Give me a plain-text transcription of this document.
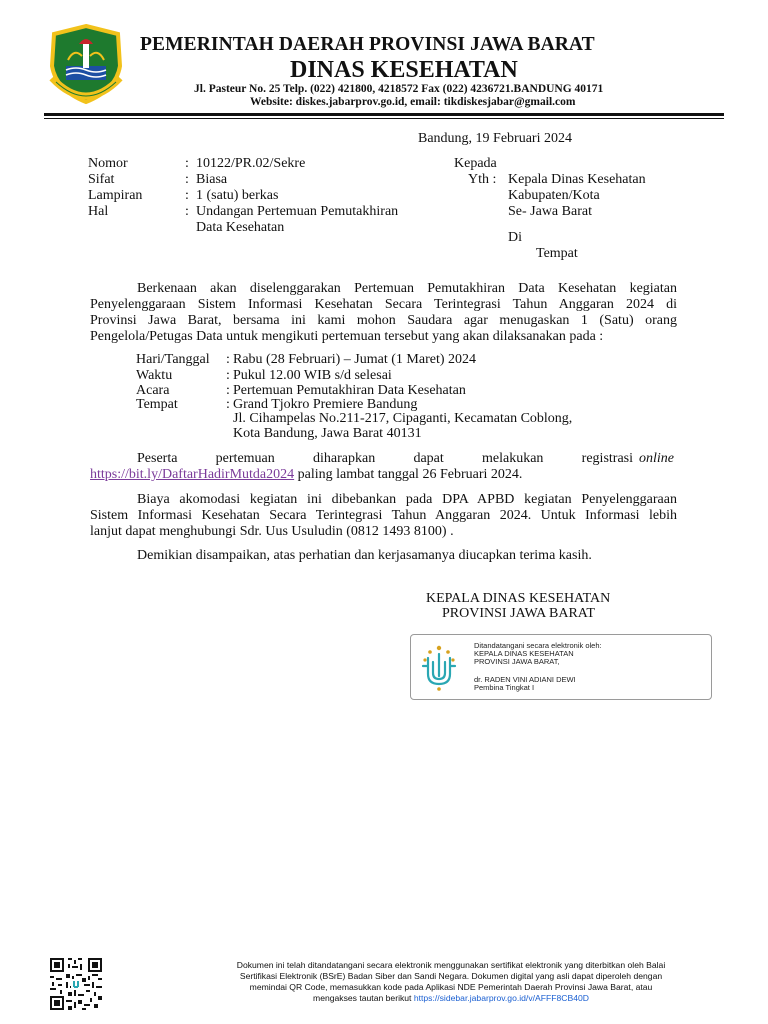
PEMERINTAH DAERAH PROVINSI JAWA BARAT
DINAS KESEHATAN
Jl. Pasteur No. 25 Telp. (022) 421800, 4218572 Fax (022) 4236721.BANDUNG 40171
Website: diskes.jabarprov.go.id, email: tikdiskesjabar@gmail.com
Bandung, 19 Februari 2024
Nomor	: 10122/PR.02/Sekre
Sifat	: Biasa
Lampiran	: 1 (satu) berkas
Hal	: Undangan Pertemuan Pemutakhiran
Data Kesehatan
Kepada
Yth : Kepala Dinas Kesehatan
Kabupaten/Kota
Se- Jawa Barat
Di
Tempat
Berkenaan akan diselenggarakan Pertemuan Pemutakhiran Data Kesehatan kegiatan
Penyelenggaraan Sistem Informasi Kesehatan Secara Terintegrasi Tahun Anggaran 2024 di
Provinsi Jawa Barat, bersama ini kami mohon Saudara agar menugaskan 1 (Satu) orang
Pengelola/Petugas Data untuk mengikuti pertemuan tersebut yang akan dilaksanakan pada :
Hari/Tanggal : Rabu (28 Februari) – Jumat (1 Maret) 2024
Waktu	: Pukul 12.00 WIB s/d selesai
Acara	: Pertemuan Pemutakhiran Data Kesehatan
Tempat	: Grand Tjokro Premiere Bandung
Jl. Cihampelas No.211-217, Cipaganti, Kecamatan Coblong,
Kota Bandung, Jawa Barat 40131
Peserta pertemuan diharapkan dapat melakukan registrasi online
https://bit.ly/DaftarHadirMutda2024 paling lambat tanggal 26 Februari 2024.
Biaya akomodasi kegiatan ini dibebankan pada DPA APBD kegiatan Penyelenggaraan
Sistem Informasi Kesehatan Secara Terintegrasi Tahun Anggaran 2024. Untuk Informasi lebih
lanjut dapat menghubungi Sdr. Uus Usuludin (0812 1493 8100) .
Demikian disampaikan, atas perhatian dan kerjasamanya diucapkan terima kasih.
KEPALA DINAS KESEHATAN
PROVINSI JAWA BARAT
Ditandatangani secara elektronik oleh:
KEPALA DINAS KESEHATAN
PROVINSI JAWA BARAT,
dr. RADEN VINI ADIANI DEWI
Pembina Tingkat I
Dokumen ini telah ditandatangani secara elektronik menggunakan sertifikat elektronik yang diterbitkan oleh Balai
Sertifikasi Elektronik (BSrE) Badan Siber dan Sandi Negara. Dokumen digital yang asli dapat diperoleh dengan
memindai QR Code, memasukkan kode pada Aplikasi NDE Pemerintah Daerah Provinsi Jawa Barat, atau
mengakses tautan berikut https://sidebar.jabarprov.go.id/v/AFFF8CB40D
